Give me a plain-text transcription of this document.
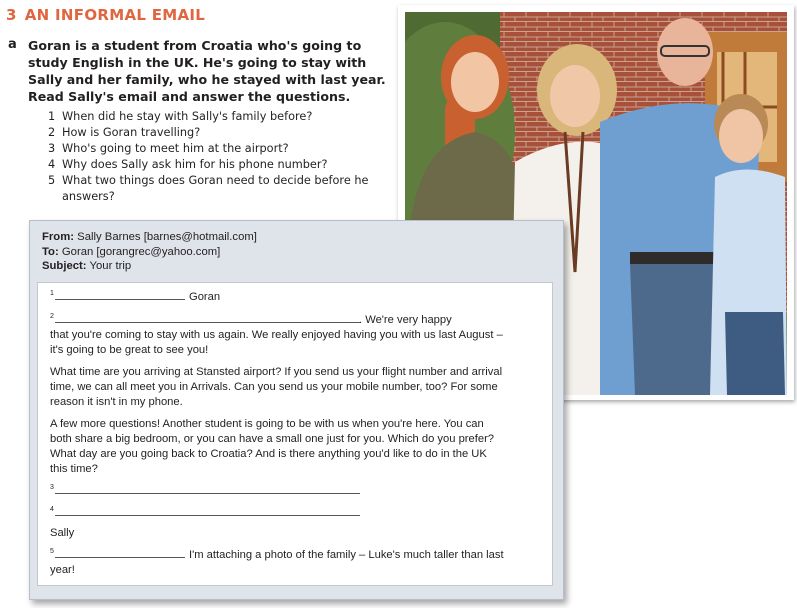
3 AN INFORMAL EMAIL
a Goran is a student from Croatia who's going to study English in the UK. He's going to stay with Sally and her family, who he stayed with last year. Read Sally's email and answer the questions.
1 When did he stay with Sally's family before?
2 How is Goran travelling?
3 Who's going to meet him at the airport?
4 Why does Sally ask him for his phone number?
5 What two things does Goran need to decide before he answers?
From: Sally Barnes [barnes@hotmail.com]
To: Goran [gorangrec@yahoo.com]
Subject: Your trip
1	Goran
2	. We're very happy
that you're coming to stay with us again. We really enjoyed having you with us last August –
it's going to be great to see you!
What time are you arriving at Stansted airport? If you send us your flight number and arrival
time, we can all meet you in Arrivals. Can you send us your mobile number, too? For some
reason it isn't in my phone.
A few more questions! Another student is going to be with us when you're here. You can
both share a big bedroom, or you can have a small one just for you. Which do you prefer?
What day are you going back to Croatia? And is there anything you'd like to do in the UK
this time?
3
4
Sally
5	I'm attaching a photo of the family – Luke's much taller than last
year!
